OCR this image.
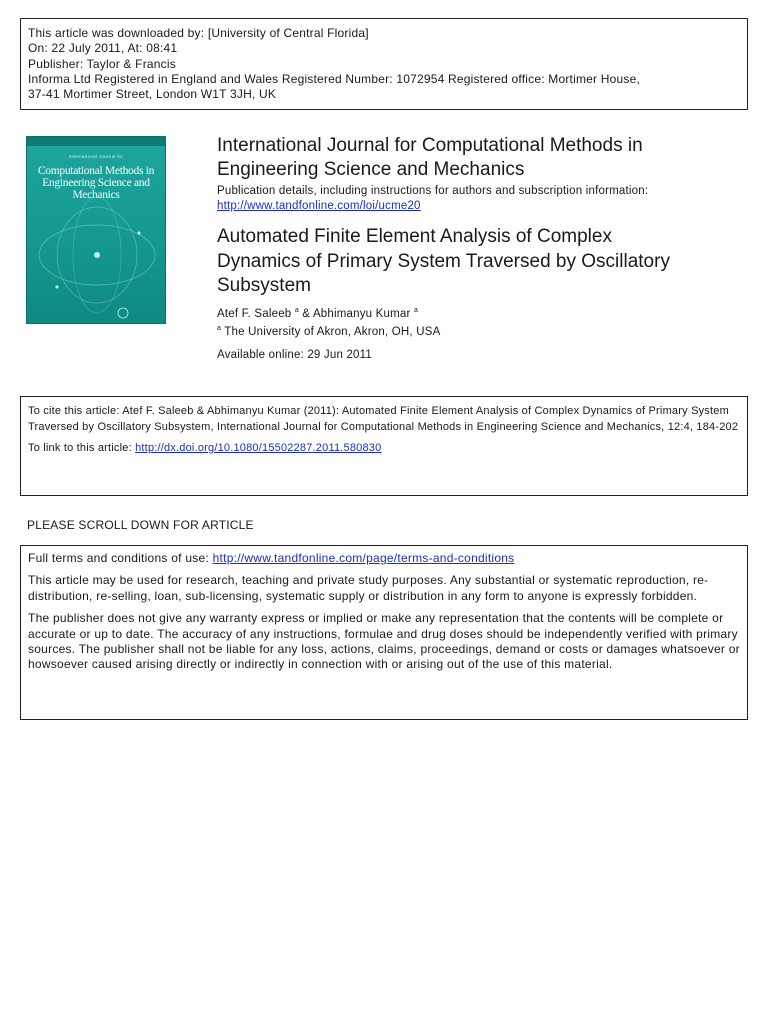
This article was downloaded by: [University of Central Florida]
On: 22 July 2011, At: 08:41
Publisher: Taylor & Francis
Informa Ltd Registered in England and Wales Registered Number: 1072954 Registered office: Mortimer House,
37-41 Mortimer Street, London W1T 3JH, UK
International Journal for
Computational Methods in Engineering Science and Mechanics
International Journal for Computational Methods in
Engineering Science and Mechanics
Publication details, including instructions for authors and subscription information:
http://www.tandfonline.com/loi/ucme20
Automated Finite Element Analysis of Complex
Dynamics of Primary System Traversed by Oscillatory
Subsystem
Atef F. Saleeb $^a$ & Abhimanyu Kumar $^a$
$^a$ The University of Akron, Akron, OH, USA
Available online: 29 Jun 2011
To cite this article: Atef F. Saleeb & Abhimanyu Kumar (2011): Automated Finite Element Analysis of Complex Dynamics of Primary System Traversed by Oscillatory Subsystem, International Journal for Computational Methods in Engineering Science and Mechanics, 12:4, 184-202
To link to this article: http://dx.doi.org/10.1080/15502287.2011.580830
PLEASE SCROLL DOWN FOR ARTICLE

Full terms and conditions of use: http://www.tandfonline.com/page/terms-and-conditions

This article may be used for research, teaching and private study purposes. Any substantial or systematic reproduction, re-distribution, re-selling, loan, sub-licensing, systematic supply or distribution in any form to anyone is expressly forbidden.

The publisher does not give any warranty express or implied or make any representation that the contents will be complete or accurate or up to date. The accuracy of any instructions, formulae and drug doses should be independently verified with primary sources. The publisher shall not be liable for any loss, actions, claims, proceedings, demand or costs or damages whatsoever or howsoever caused arising directly or indirectly in connection with or arising out of the use of this material.
